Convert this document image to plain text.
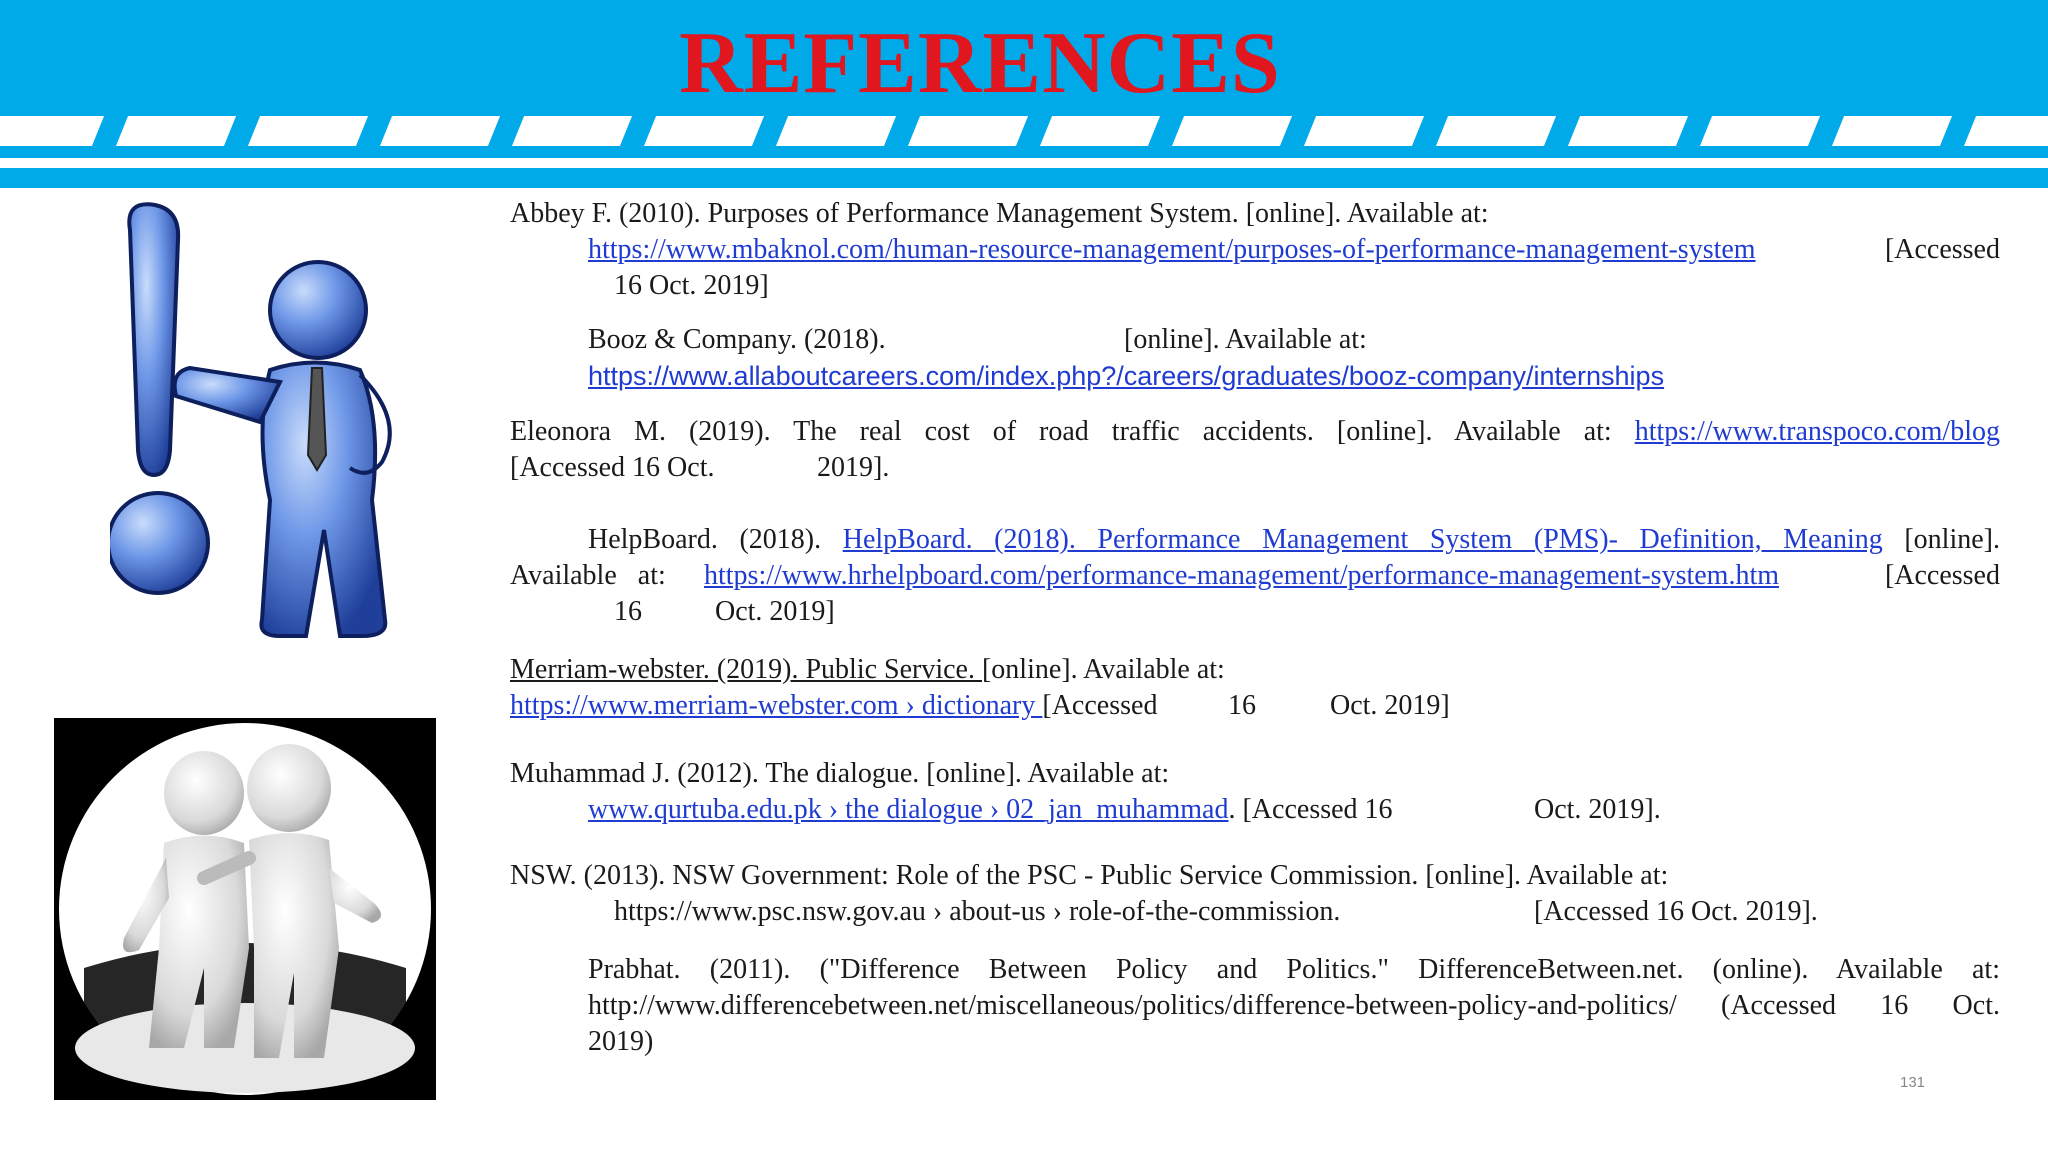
REFERENCES
Abbey F. (2010). Purposes of Performance Management System. [online]. Available at:
https://www.mbaknol.com/human-resource-management/purposes-of-performance-management-system	[Accessed
16 Oct. 2019]
Booz & Company. (2018).	[online]. Available at:
https://www.allaboutcareers.com/index.php?/careers/graduates/booz-company/internships
Eleonora M. (2019). The real cost of road traffic accidents. [online]. Available at: https://www.transpoco.com/blog
[Accessed 16 Oct.	2019].
HelpBoard. (2018). HelpBoard. (2018). Performance Management System (PMS)- Definition, Meaning [online].
Available   at: https://www.hrhelpboard.com/performance-management/performance-management-system.htm	[Accessed
16	Oct. 2019]
Merriam-webster. (2019). Public Service. [online]. Available at:
https://www.merriam-webster.com › dictionary [Accessed	16	Oct. 2019]
Muhammad J. (2012). The dialogue. [online]. Available at:
www.qurtuba.edu.pk › the dialogue › 02_jan_muhammad. [Accessed 16	Oct. 2019].
NSW. (2013). NSW Government: Role of the PSC - Public Service Commission. [online]. Available at:
https://www.psc.nsw.gov.au › about-us › role-of-the-commission.	[Accessed 16 Oct. 2019].
Prabhat. (2011). ("Difference Between Policy and Politics." DifferenceBetween.net. (online). Available at:
http://www.differencebetween.net/miscellaneous/politics/difference-between-policy-and-politics/ (Accessed 16 Oct.
2019)
131
